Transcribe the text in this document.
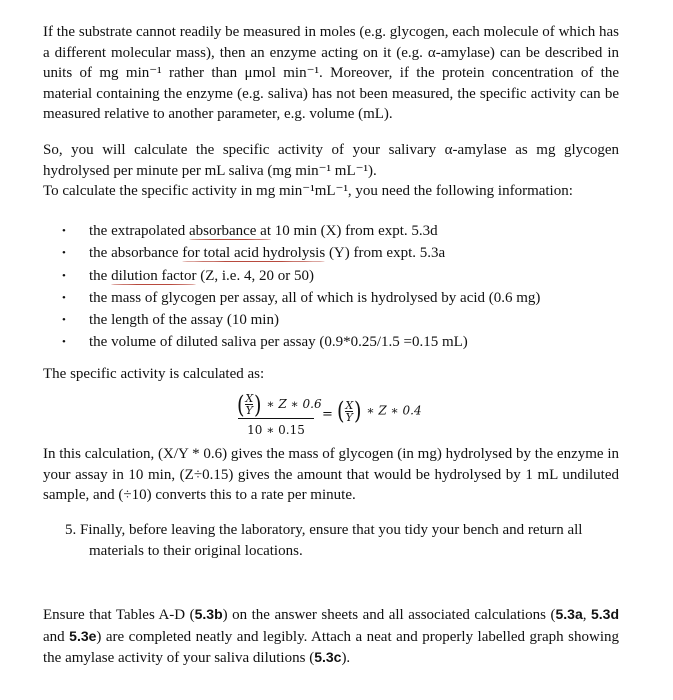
If the substrate cannot readily be measured in moles (e.g. glycogen, each molecule of which has a different molecular mass), then an enzyme acting on it (e.g. α-amylase) can be described in units of mg min⁻¹ rather than μmol min⁻¹. Moreover, if the protein concentration of the material containing the enzyme (e.g. saliva) has not been measured, the specific activity can be measured relative to another parameter, e.g. volume (mL).

So, you will calculate the specific activity of your salivary α-amylase as mg glycogen hydrolysed per minute per mL saliva (mg min⁻¹ mL⁻¹).

To calculate the specific activity in mg min⁻¹mL⁻¹, you need the following information:

• the extrapolated absorbance at 10 min (X) from expt. 5.3d
• the absorbance for total acid hydrolysis (Y) from expt. 5.3a
• the dilution factor (Z, i.e. 4, 20 or 50)
• the mass of glycogen per assay, all of which is hydrolysed by acid (0.6 mg)
• the length of the assay (10 min)
• the volume of diluted saliva per assay (0.9*0.25/1.5 =0.15 mL)

The specific activity is calculated as:

$(\frac{X}{Y})$ ∗ Z ∗ 0.6
10 ∗ 0.15
= $(\frac{X}{Y})$ ∗ Z ∗ 0.4

In this calculation, (X/Y * 0.6) gives the mass of glycogen (in mg) hydrolysed by the enzyme in your assay in 10 min, (Z÷0.15) gives the amount that would be hydrolysed by 1 mL undiluted sample, and (÷10) converts this to a rate per minute.

5. Finally, before leaving the laboratory, ensure that you tidy your bench and return all
materials to their original locations.

Ensure that Tables A-D (5.3b) on the answer sheets and all associated calculations (5.3a, 5.3d and 5.3e) are completed neatly and legibly. Attach a neat and properly labelled graph showing the amylase activity of your saliva dilutions (5.3c).
